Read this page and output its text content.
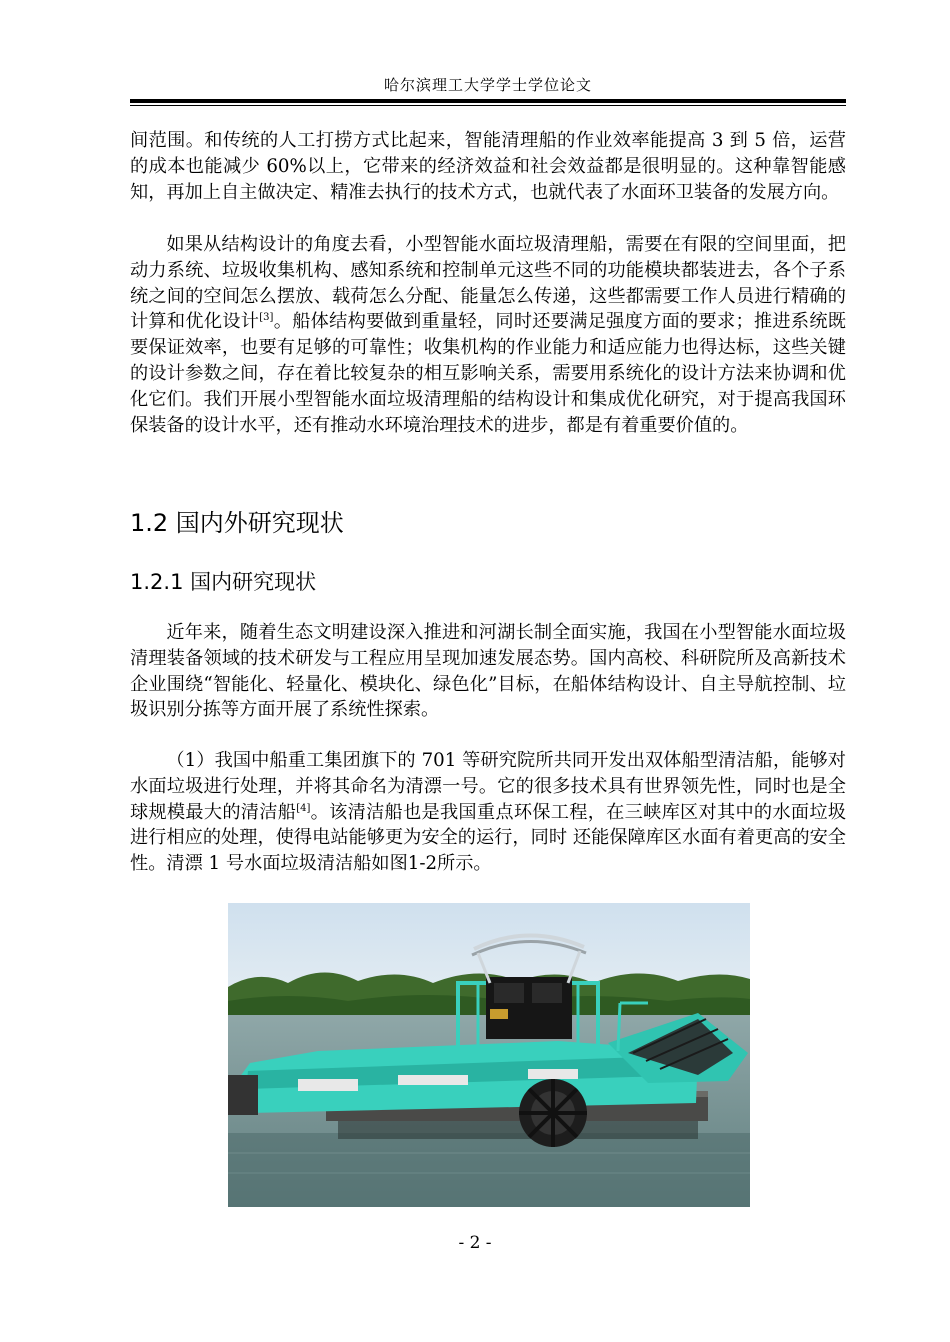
哈尔滨理工大学学士学位论文

间范围。和传统的人工打捞方式比起来，智能清理船的作业效率能提高 3 到 5 倍，运营的成本也能减少 60%以上，它带来的经济效益和社会效益都是很明显的。这种靠智能感知，再加上自主做决定、精准去执行的技术方式，也就代表了水面环卫装备的发展方向。

如果从结构设计的角度去看，小型智能水面垃圾清理船，需要在有限的空间里面，把动力系统、垃圾收集机构、感知系统和控制单元这些不同的功能模块都装进去，各个子系统之间的空间怎么摆放、载荷怎么分配、能量怎么传递，这些都需要工作人员进行精确的计算和优化设计[3]。船体结构要做到重量轻，同时还要满足强度方面的要求；推进系统既要保证效率，也要有足够的可靠性；收集机构的作业能力和适应能力也得达标，这些关键的设计参数之间，存在着比较复杂的相互影响关系，需要用系统化的设计方法来协调和优化它们。我们开展小型智能水面垃圾清理船的结构设计和集成优化研究，对于提高我国环保装备的设计水平，还有推动水环境治理技术的进步，都是有着重要价值的。

1.2 国内外研究现状
1.2.1 国内研究现状

近年来，随着生态文明建设深入推进和河湖长制全面实施，我国在小型智能水面垃圾清理装备领域的技术研发与工程应用呈现加速发展态势。国内高校、科研院所及高新技术企业围绕“智能化、轻量化、模块化、绿色化”目标，在船体结构设计、自主导航控制、垃圾识别分拣等方面开展了系统性探索。

（1）我国中船重工集团旗下的 701 等研究院所共同开发出双体船型清洁船，能够对水面垃圾进行处理，并将其命名为清漂一号。它的很多技术具有世界领先性，同时也是全球规模最大的清洁船[4]。该清洁船也是我国重点环保工程，在三峡库区对其中的水面垃圾进行相应的处理，使得电站能够更为安全的运行，同时 还能保障库区水面有着更高的安全性。清漂 1 号水面垃圾清洁船如图1-2所示。

- 2 -
